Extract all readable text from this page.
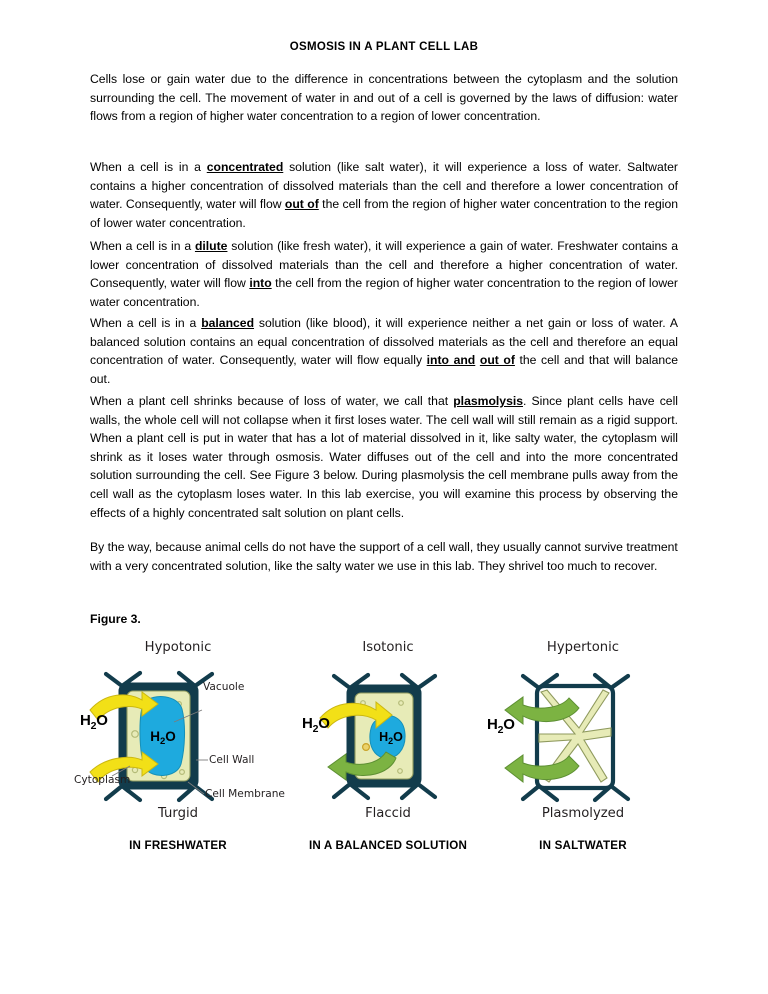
OSMOSIS IN A PLANT CELL LAB
Cells lose or gain water due to the difference in concentrations between the cytoplasm and the solution surrounding the cell. The movement of water in and out of a cell is governed by the laws of diffusion: water flows from a region of higher water concentration to a region of lower concentration.
When a cell is in a concentrated solution (like salt water), it will experience a loss of water. Saltwater contains a higher concentration of dissolved materials than the cell and therefore a lower concentration of water. Consequently, water will flow out of the cell from the region of higher water concentration to the region of lower water concentration.
When a cell is in a dilute solution (like fresh water), it will experience a gain of water. Freshwater contains a lower concentration of dissolved materials than the cell and therefore a higher concentration of water. Consequently, water will flow into the cell from the region of higher water concentration to the region of lower water concentration.
When a cell is in a balanced solution (like blood), it will experience neither a net gain or loss of water. A balanced solution contains an equal concentration of dissolved materials as the cell and therefore an equal concentration of water. Consequently, water will flow equally into and out of the cell and that will balance out.
When a plant cell shrinks because of loss of water, we call that plasmolysis. Since plant cells have cell walls, the whole cell will not collapse when it first loses water. The cell wall will still remain as a rigid support. When a plant cell is put in water that has a lot of material dissolved in it, like salty water, the cytoplasm will shrink as it loses water through osmosis. Water diffuses out of the cell and into the more concentrated solution surrounding the cell. See Figure 3 below. During plasmolysis the cell membrane pulls away from the cell wall as the cytoplasm loses water. In this lab exercise, you will examine this process by observing the effects of a highly concentrated salt solution on plant cells.
By the way, because animal cells do not have the support of a cell wall, they usually cannot survive treatment with a very concentrated solution, like the salty water we use in this lab. They shrivel too much to recover.
Figure 3.
Hypotonic
$H_2O$
$H_2O$
Vacuole
Cell Wall
Cell Membrane
Cytoplasm
Turgid
IN FRESHWATER
Isotonic
$H_2O$
$H_2O$
Flaccid
IN A BALANCED SOLUTION
Hypertonic
$H_2O$
Plasmolyzed
IN SALTWATER
